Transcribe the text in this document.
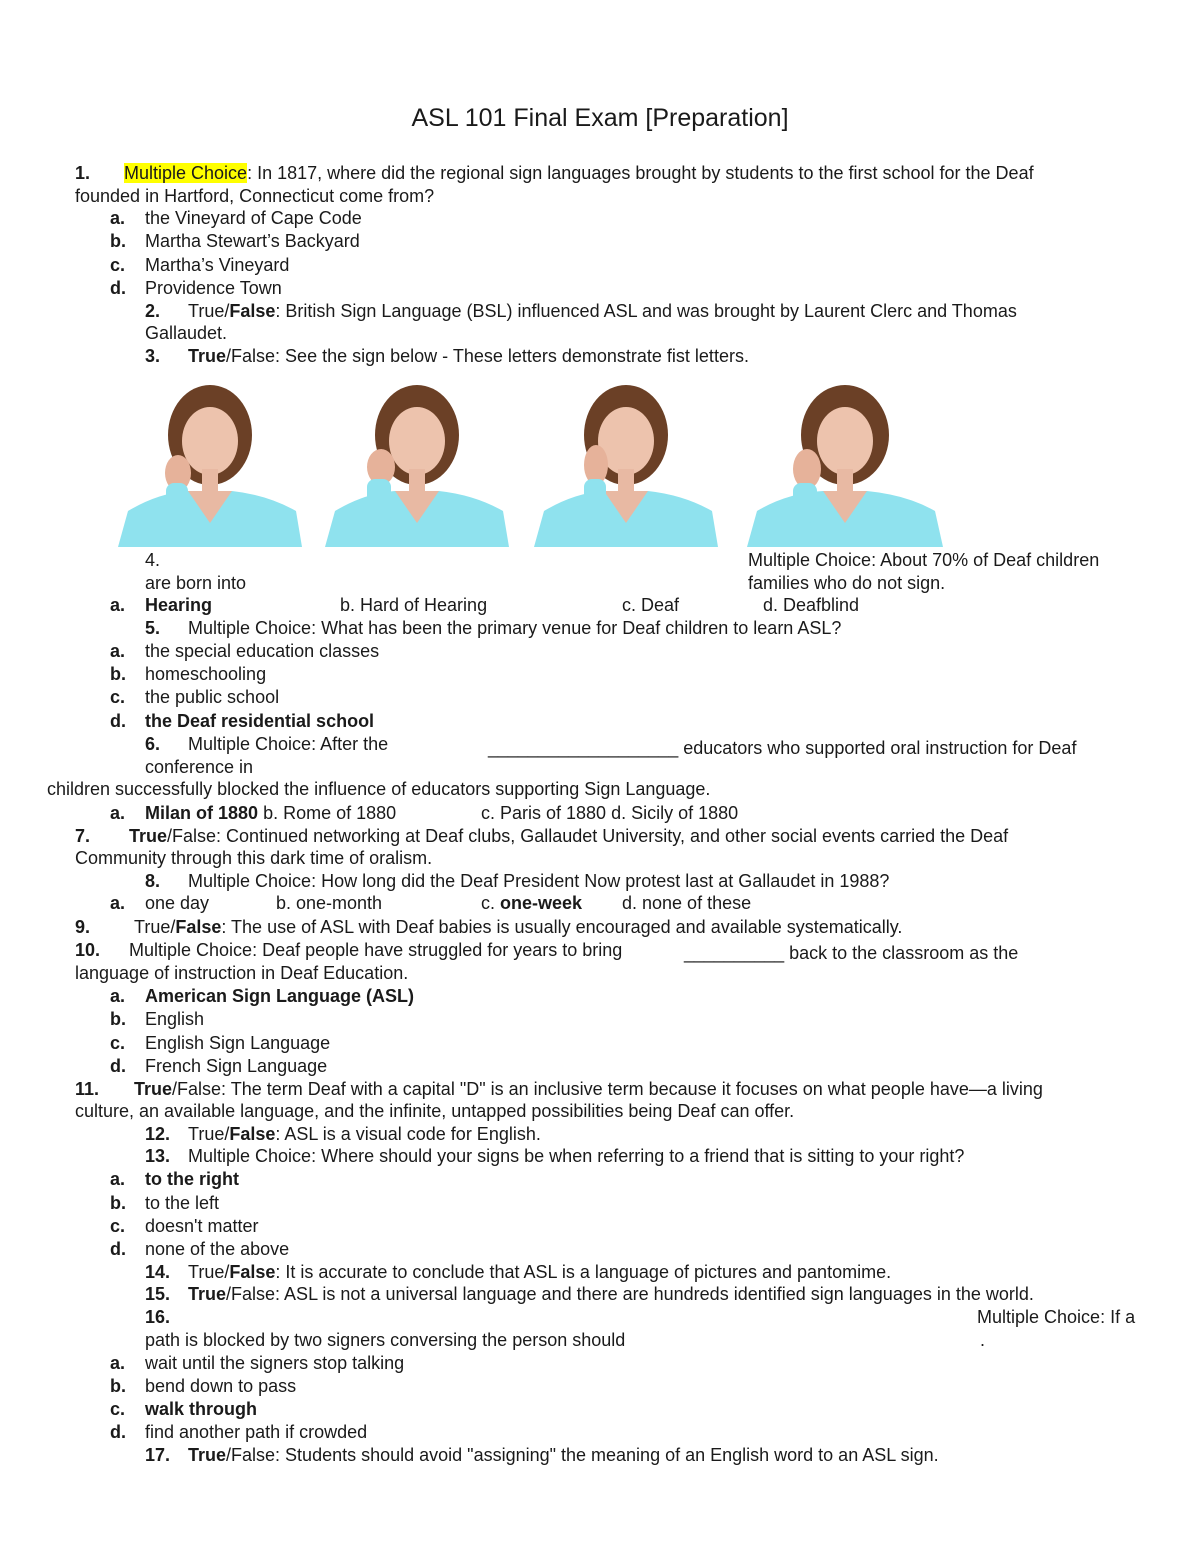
ASL 101 Final Exam [Preparation]
1. Multiple Choice: In 1817, where did the regional sign languages brought by students to the first school for the Deaf
founded in Hartford, Connecticut come from?
a. the Vineyard of Cape Code
b. Martha Stewart’s Backyard
c. Martha’s Vineyard
d. Providence Town
2. True/False: British Sign Language (BSL) influenced ASL and was brought by Laurent Clerc and Thomas
Gallaudet.
3. True/False: See the sign below - These letters demonstrate fist letters.
4.	Multiple Choice: About 70% of Deaf children
are born into	families who do not sign.
a. Hearing	b. Hard of Hearing	c. Deaf	d. Deafblind
5. Multiple Choice: What has been the primary venue for Deaf children to learn ASL?
a. the special education classes
b. homeschooling
c. the public school
d. the Deaf residential school
6. Multiple Choice: After the	___________________ educators who supported oral instruction for Deaf
conference in
children successfully blocked the influence of educators supporting Sign Language.
a. Milan of 1880 b. Rome of 1880	c. Paris of 1880 d. Sicily of 1880
7. True/False: Continued networking at Deaf clubs, Gallaudet University, and other social events carried the Deaf
Community through this dark time of oralism.
8. Multiple Choice: How long did the Deaf President Now protest last at Gallaudet in 1988?
a. one day	b. one-month	c. one-week d. none of these
9. True/False: The use of ASL with Deaf babies is usually encouraged and available systematically.
10. Multiple Choice: Deaf people have struggled for years to bring	__________ back to the classroom as the
language of instruction in Deaf Education.
a. American Sign Language (ASL)
b. English
c. English Sign Language
d. French Sign Language
11. True/False: The term Deaf with a capital "D" is an inclusive term because it focuses on what people have—a living
culture, an available language, and the infinite, untapped possibilities being Deaf can offer.
12. True/False: ASL is a visual code for English.
13. Multiple Choice: Where should your signs be when referring to a friend that is sitting to your right?
a. to the right
b. to the left
c. doesn't matter
d. none of the above
14. True/False: It is accurate to conclude that ASL is a language of pictures and pantomime.
15. True/False: ASL is not a universal language and there are hundreds identified sign languages in the world.
16.	Multiple Choice: If a
path is blocked by two signers conversing the person should	.
a. wait until the signers stop talking
b. bend down to pass
c. walk through
d. find another path if crowded
17. True/False: Students should avoid "assigning" the meaning of an English word to an ASL sign.
